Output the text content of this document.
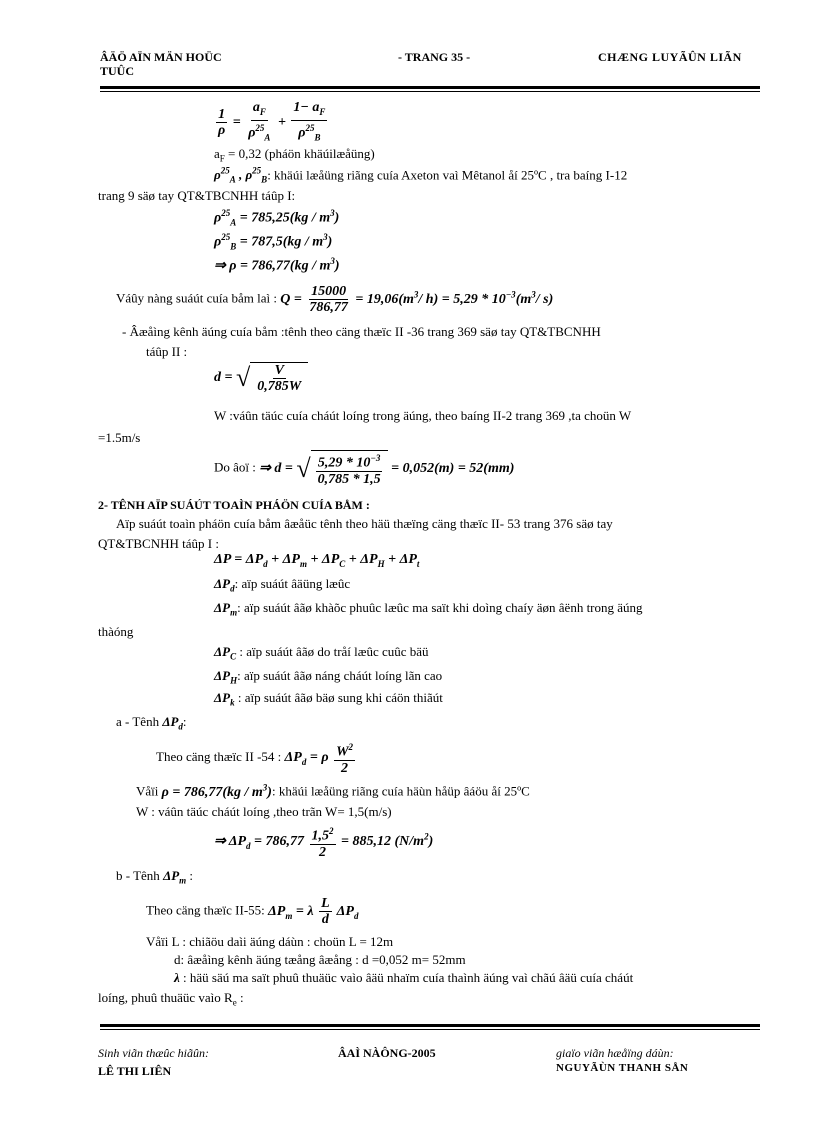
ÂÄÖ AÏN MÄN HOÜC
TUÛC
- TRANG 35 -	CHÆNG LUYÃÛN LIÃN
$\frac{1}{\rho} = \frac{a_F}{\rho^{25}_A} + \frac{1- a_F}{\rho^{25}_B}$
$a_F = 0,32$ (pháön khäúilæåüng)
$\rho^{25}_A$ , $\rho^{25}_B$: khäúi læåüng riãng cuía Axeton vaì Mêtanol åí 25ºC , tra baíng I-12
trang 9 säø tay QT&TBCNHH táûp I:
$\rho^{25}_A = 785,25(kg / m^3)$
$\rho^{25}_B = 787,5(kg / m^3)$
⇒ $\rho = 786,77(kg / m^3)$
Váûy nàng suáút cuía båm laì : $Q = \frac{15000}{786,77} = 19,06(m^3/$ $h) = 5,29 * 10^{-3}(m^3/$ s)
- Âæåìng kênh äúng cuía båm :tênh theo cäng thæïc II -36 trang 369 säø tay QT&TBCNHH
táûp II :
d = √ $\frac{V}{0,785W}$
W :váûn täúc cuía cháút loíng trong äúng, theo baíng II-2 trang 369 ,ta choün W
=1.5m/s
Do âoï : ⇒ d = √ $\frac{5,29 * 10^{-3}}{0,785 * 1,5} = 0,052(m) = 52(mm)$
2- TÊNH AÏP SUÁÚT TOAÌN PHÁÖN CUÍA BÅM :
Aïp suáút toaìn pháön cuía båm âæåüc tênh theo häü thæïng cäng thæïc II- 53 trang 376 säø tay
QT&TBCNHH táûp I :
$\Delta P = \Delta P_d + \Delta P_m + \Delta P_C + \Delta P_H + \Delta P_t$
$\Delta P_d$: aïp suáút âäüng læûc
$\Delta P_m$: aïp suáút âãø khàõc phuûc læûc ma saït khi doìng chaíy äøn âënh trong äúng
thàóng
$\Delta P_C$ : aïp suáút âãø do tråí læûc cuûc bäü
$\Delta P_H$: aïp suáút âãø náng cháút loíng lãn cao
$\Delta P_k$ : aïp suáút âãø bäø sung khi cáön thiãút
a - Tênh $\Delta P_d$:
Theo cäng thæïc II -54 : $\Delta P_d = \rho \frac{W^2}{2}$
Våïi $\rho = 786,77(kg / m^3)$: khäúi læåüng riãng cuía häùn håüp âáöu åí 25ºC
W : váûn täúc cháút loíng ,theo trãn W= 1,5(m/s)
⇒ $\Delta P_d = 786,77 \frac{1,5^2}{2} = 885,12$ $(N/m^2)$
b - Tênh $\Delta P_m$ :
Theo cäng thæïc II-55: $\Delta P_m = \lambda \frac{L}{d} \Delta P_d$
Våïi L : chiãöu daìi äúng dáùn : choün L = 12m
d: âæåìng kênh äúng tæång âæång : d =0,052 m= 52mm
λ : häü säú ma saït phuû thuäüc vaìo âäü nhaïm cuía thaình äúng vaì chãú âäü cuía cháút
loíng, phuû thuäüc vaìo $R_e$ :
Sinh viãn thæûc hiãûn:
LÊ THI LIÊN
ÂAÌ NÀÔNG-2005	giaïo viãn hæåïng dáùn:
NGUYÃÙN THANH SÅN
